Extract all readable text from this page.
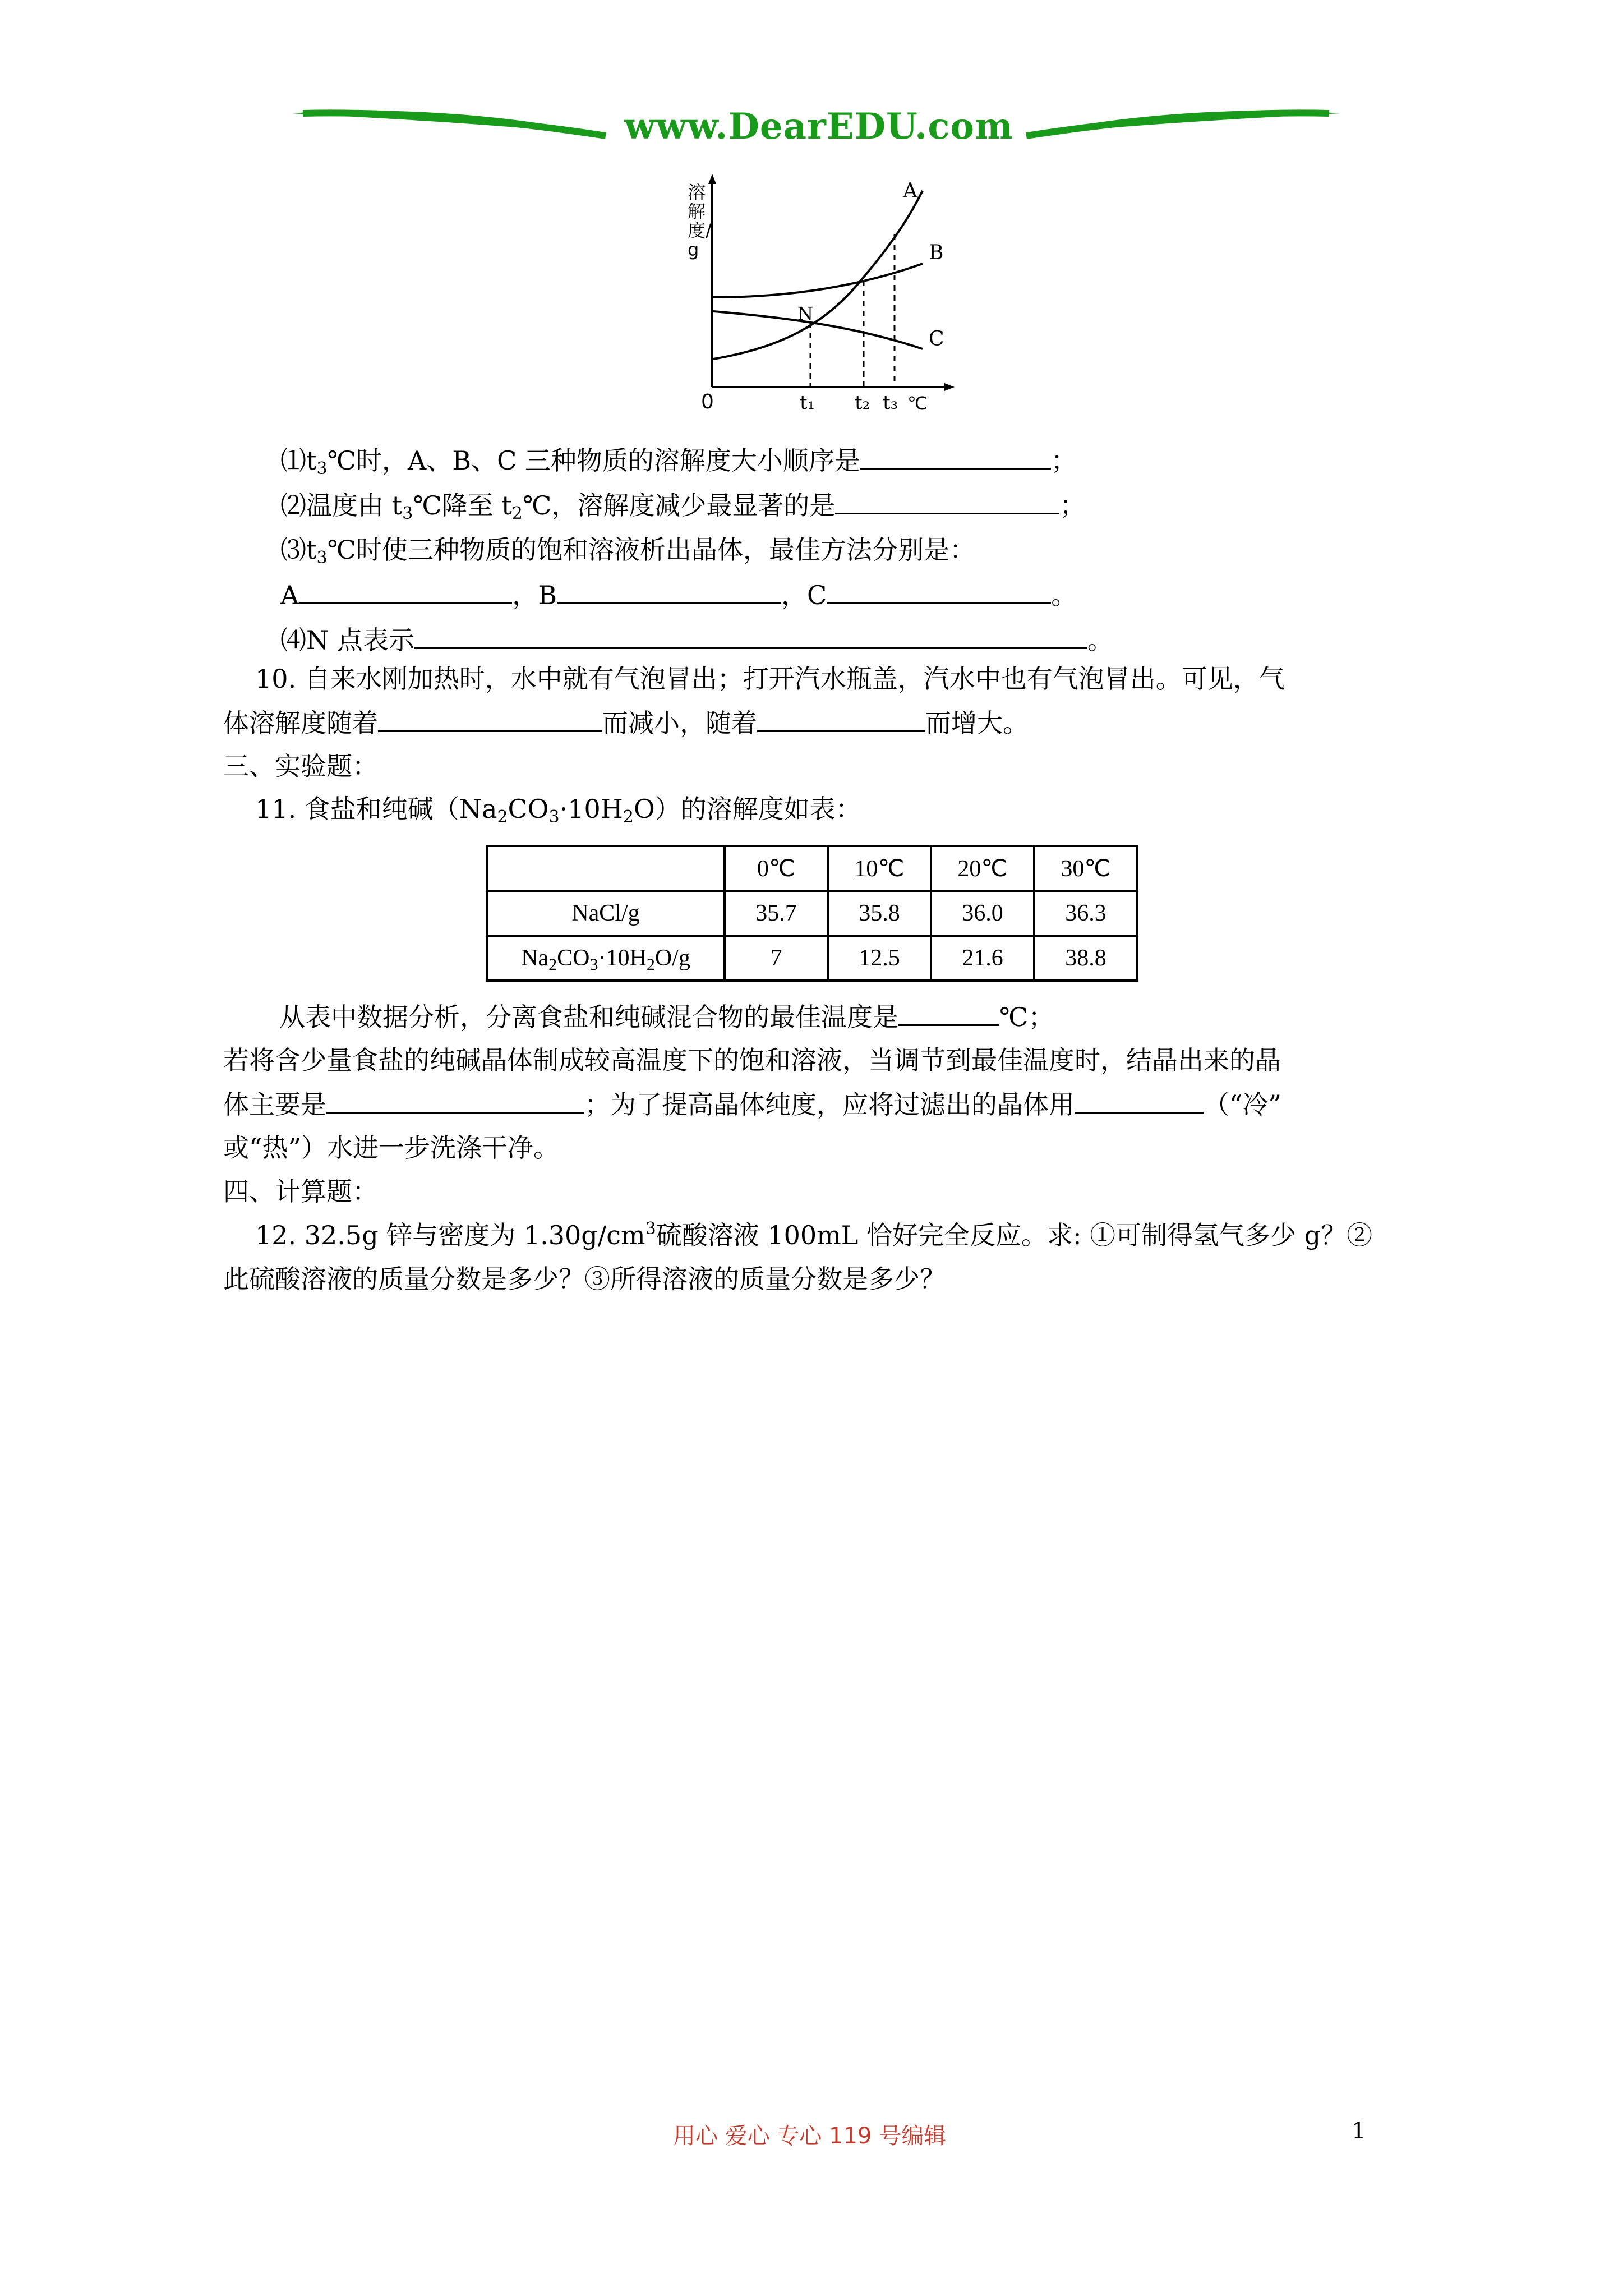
www.DearEDU.com
溶解度/g
0	t₁ t₂ t₃ ℃
A
B
C
N
$⑴t_3℃$时，A、B、C 三种物质的溶解度大小顺序是	；
⑵温度由 $t_3℃$降至 $t_2℃$，溶解度减少最显著的是	；
$⑶t_3℃$时使三种物质的饱和溶液析出晶体，最佳方法分别是：
A	，B	，C	。
⑷N 点表示	。
10. 自来水刚加热时，水中就有气泡冒出；打开汽水瓶盖，汽水中也有气泡冒出。可见，气
体溶解度随着	而减小，随着	而增大。
三、实验题：
11. 食盐和纯碱$(Na_2CO_3\cdot 10H_2O)$的溶解度如表：
	0℃	10℃	20℃	30℃
NaCl/g	35.7	35.8	36.0	36.3
$Na_2CO_3\cdot 10H_2O/g$	7	12.5	21.6	38.8
从表中数据分析，分离食盐和纯碱混合物的最佳温度是	℃；
若将含少量食盐的纯碱晶体制成较高温度下的饱和溶液，当调节到最佳温度时，结晶出来的晶
体主要是	；为了提高晶体纯度，应将过滤出的晶体用	（“冷”
或“热”）水进一步洗涤干净。
四、计算题：
12. 32.5g 锌与密度为 $1.30g/cm^3$硫酸溶液 100mL 恰好完全反应。求: ①可制得氢气多少 g？②
此硫酸溶液的质量分数是多少？③所得溶液的质量分数是多少？
用心 爱心 专心 119 号编辑	1
